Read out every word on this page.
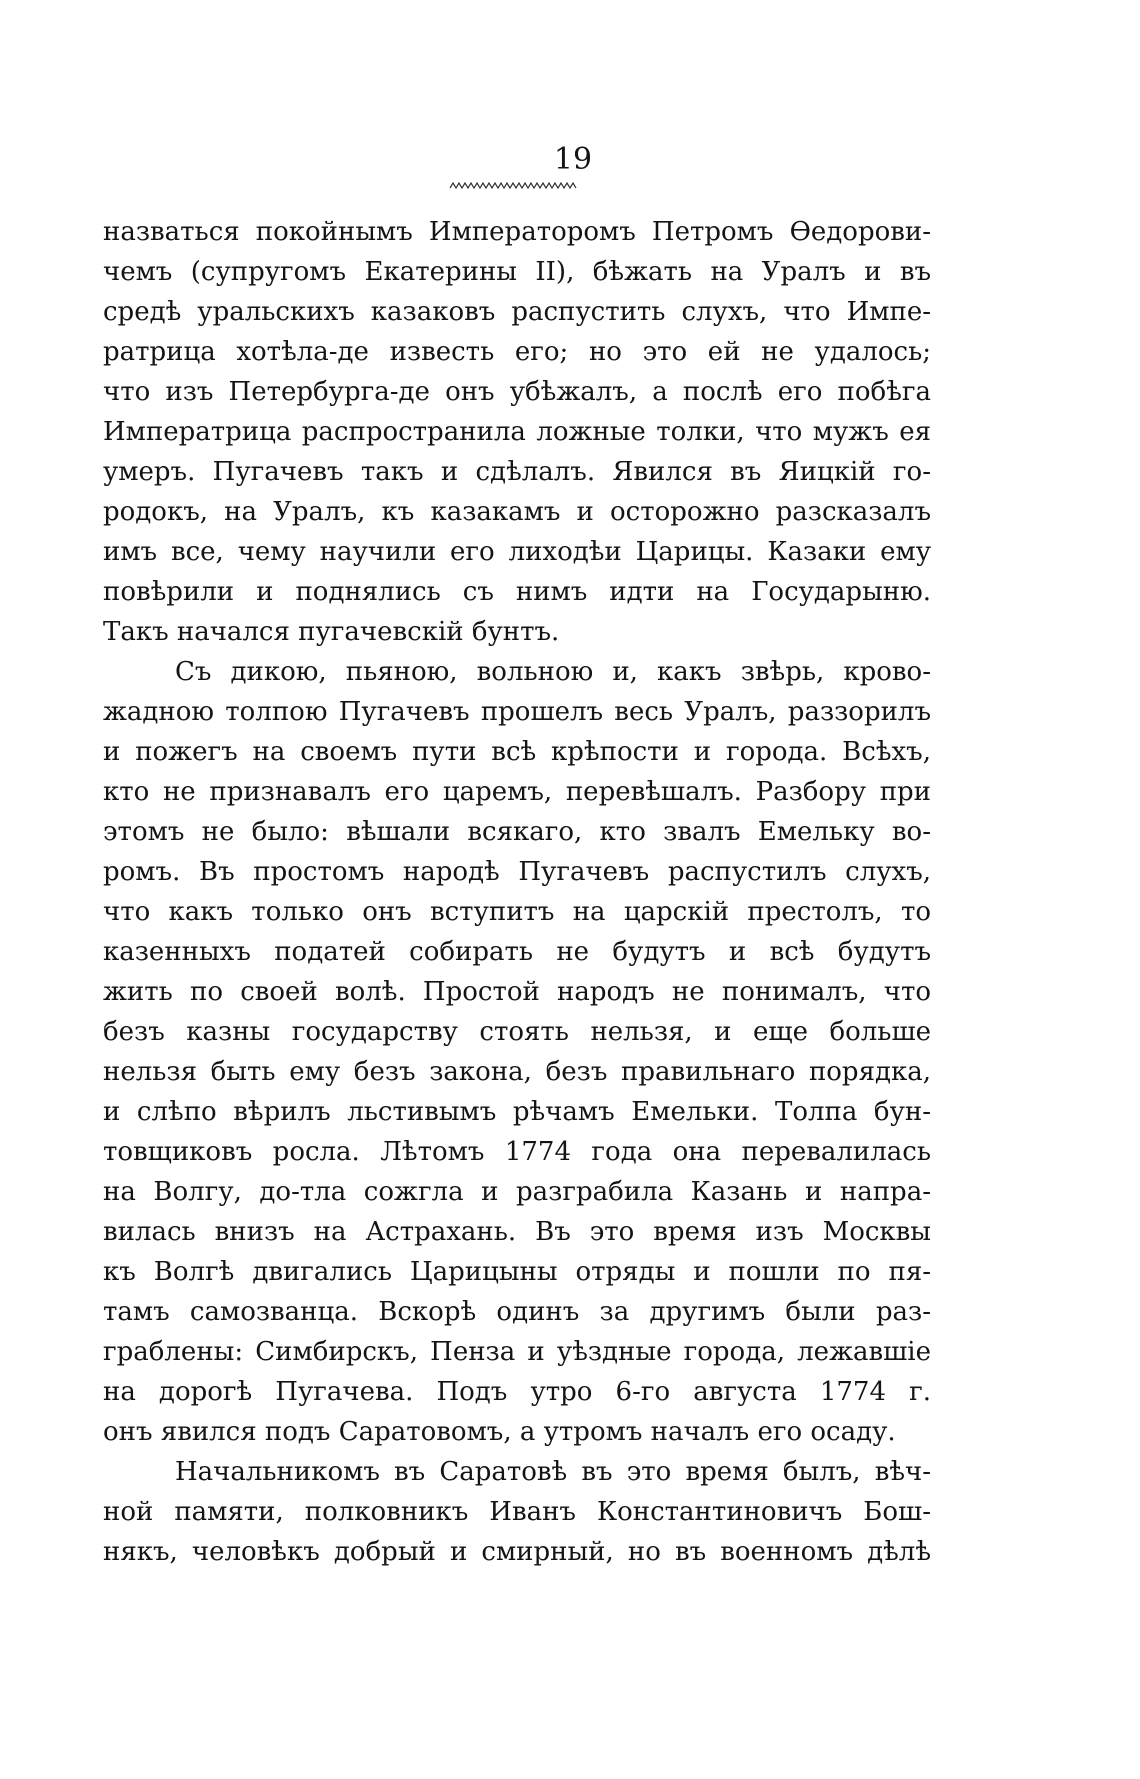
19
назваться покойнымъ Императоромъ Петромъ Ѳедорови-
чемъ (супругомъ Екатерины II), бѣжать на Уралъ и въ
средѣ уральскихъ казаковъ распустить слухъ, что Импе-
ратрица хотѣла-де известь его; но это ей не удалось;
что изъ Петербурга-де онъ убѣжалъ, а послѣ его побѣга
Императрица распространила ложные толки, что мужъ ея
умеръ. Пугачевъ такъ и сдѣлалъ. Явился въ Яицкій го-
родокъ, на Уралъ, къ казакамъ и осторожно разсказалъ
имъ все, чему научили его лиходѣи Царицы. Казаки ему
повѣрили и поднялись съ нимъ идти на Государыню.
Такъ начался пугачевскій бунтъ.
Съ дикою, пьяною, вольною и, какъ звѣрь, крово-
жадною толпою Пугачевъ прошелъ весь Уралъ, раззорилъ
и пожегъ на своемъ пути всѣ крѣпости и города. Всѣхъ,
кто не признавалъ его царемъ, перевѣшалъ. Разбору при
этомъ не было: вѣшали всякаго, кто звалъ Емельку во-
ромъ. Въ простомъ народѣ Пугачевъ распустилъ слухъ,
что какъ только онъ вступитъ на царскій престолъ, то
казенныхъ податей собирать не будутъ и всѣ будутъ
жить по своей волѣ. Простой народъ не понималъ, что
безъ казны государству стоять нельзя, и еще больше
нельзя быть ему безъ закона, безъ правильнаго порядка,
и слѣпо вѣрилъ льстивымъ рѣчамъ Емельки. Толпа бун-
товщиковъ росла. Лѣтомъ 1774 года она перевалилась
на Волгу, до-тла сожгла и разграбила Казань и напра-
вилась внизъ на Астрахань. Въ это время изъ Москвы
къ Волгѣ двигались Царицыны отряды и пошли по пя-
тамъ самозванца. Вскорѣ одинъ за другимъ были раз-
граблены: Симбирскъ, Пенза и уѣздные города, лежавшіе
на дорогѣ Пугачева. Подъ утро 6-го августа 1774 г.
онъ явился подъ Саратовомъ, а утромъ началъ его осаду.
Начальникомъ въ Саратовѣ въ это время былъ, вѣч-
ной памяти, полковникъ Иванъ Константиновичъ Бош-
някъ, человѣкъ добрый и смирный, но въ военномъ дѣлѣ
